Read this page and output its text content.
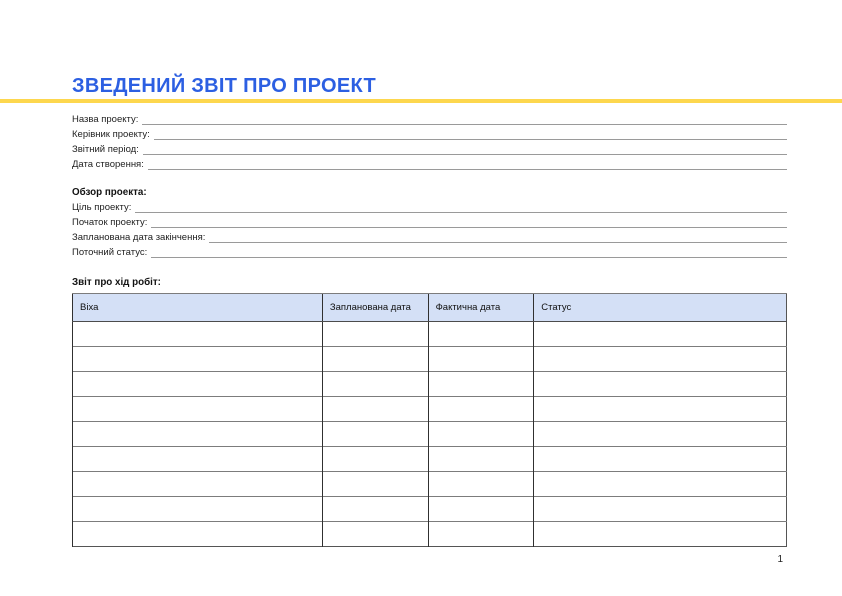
ЗВЕДЕНИЙ ЗВІТ ПРО ПРОЕКТ
Назва проекту:
Керівник проекту:
Звітний період:
Дата створення:
Обзор проекта:
Ціль проекту:
Початок проекту:
Запланована дата закінчення:
Поточний статус:
Звіт про хід робіт:
Віха	Запланована дата	Фактична дата	Статус

1
